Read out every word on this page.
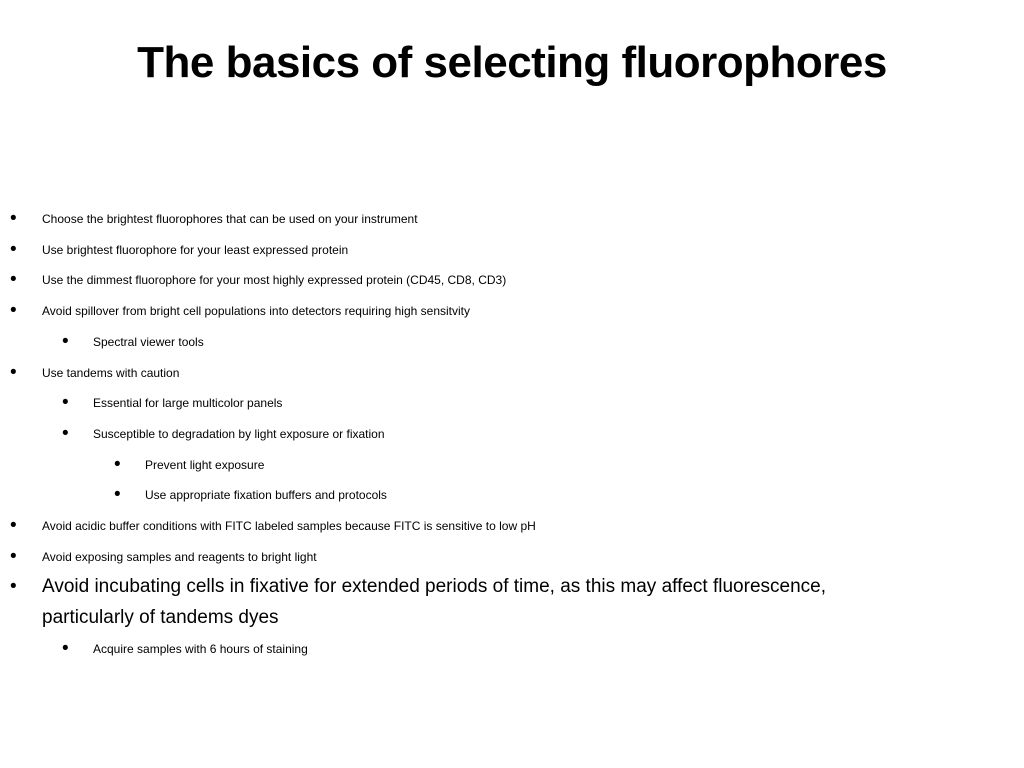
The basics of selecting fluorophores
• Choose the brightest fluorophores that can be used on your instrument
• Use brightest fluorophore for your least expressed protein
• Use the dimmest fluorophore for your most highly expressed protein (CD45, CD8, CD3)
• Avoid spillover from bright cell populations into detectors requiring high sensitvity
• Spectral viewer tools
• Use tandems with caution
• Essential for large multicolor panels
• Susceptible to degradation by light exposure or fixation
• Prevent light exposure
• Use appropriate fixation buffers and protocols
• Avoid acidic buffer conditions with FITC labeled samples because FITC is sensitive to low pH
• Avoid exposing samples and reagents to bright light
• Avoid incubating cells in fixative for extended periods of time, as this may affect fluorescence, particularly of tandems dyes
• Acquire samples with 6 hours of staining
